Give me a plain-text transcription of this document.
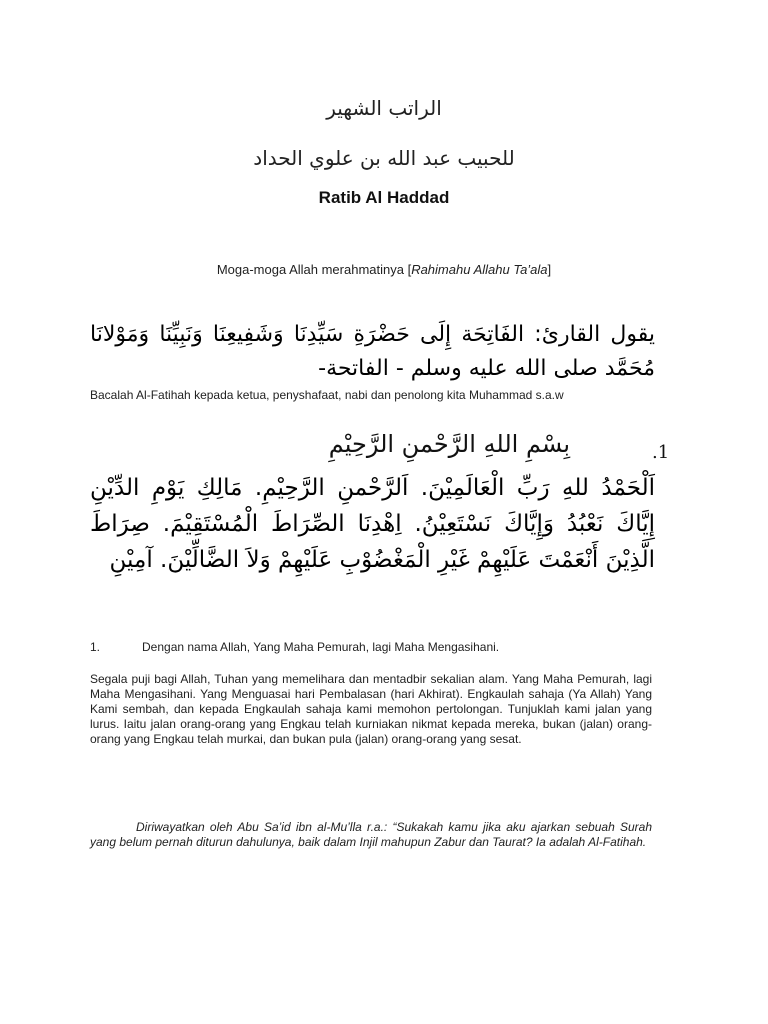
الراتب الشهير
للحبيب عبد الله بن علوي الحداد
Ratib Al Haddad
Moga-moga Allah merahmatinya [Rahimahu Allahu Ta’ala]
يقول القارئ: الفَاتِحَة إِلَى حَضْرَةِ سَيِّدِنَا وَشَفِيعِنَا وَنَبِيِّنَا وَمَوْلانَا مُحَمَّد صلى الله عليه وسلم - الفاتحة-
Bacalah Al-Fatihah kepada ketua, penyshafaat, nabi dan penolong kita Muhammad s.a.w
.1
بِسْمِ اللهِ الرَّحْمنِ الرَّحِيْمِ
اَلْحَمْدُ للهِ رَبِّ الْعَالَمِيْنَ. اَلرَّحْمنِ الرَّحِيْمِ. مَالِكِ يَوْمِ الدِّيْنِ إِيَّاكَ نَعْبُدُ وَإِيَّاكَ نَسْتَعِيْنُ. اِهْدِنَا الصِّرَاطَ الْمُسْتَقِيْمَ. صِرَاطَ الَّذِيْنَ أَنْعَمْتَ عَلَيْهِمْ غَيْرِ الْمَغْضُوْبِ عَلَيْهِمْ وَلاَ الضَّالِّيْنَ. آمِيْنِ
1.	Dengan nama Allah, Yang Maha Pemurah, lagi Maha Mengasihani.
Segala puji bagi Allah, Tuhan yang memelihara dan mentadbir sekalian alam. Yang Maha Pemurah, lagi Maha Mengasihani. Yang Menguasai hari Pembalasan (hari Akhirat). Engkaulah sahaja (Ya Allah) Yang Kami sembah, dan kepada Engkaulah sahaja kami memohon pertolongan. Tunjuklah kami jalan yang lurus. Iaitu jalan orang-orang yang Engkau telah kurniakan nikmat kepada mereka, bukan (jalan) orang-orang yang Engkau telah murkai, dan bukan pula (jalan) orang-orang yang sesat.
Diriwayatkan oleh Abu Sa’id ibn al-Mu’lla r.a.: “Sukakah kamu jika aku ajarkan sebuah Surah yang belum pernah diturun dahulunya, baik dalam Injil mahupun Zabur dan Taurat? Ia adalah Al-Fatihah.
